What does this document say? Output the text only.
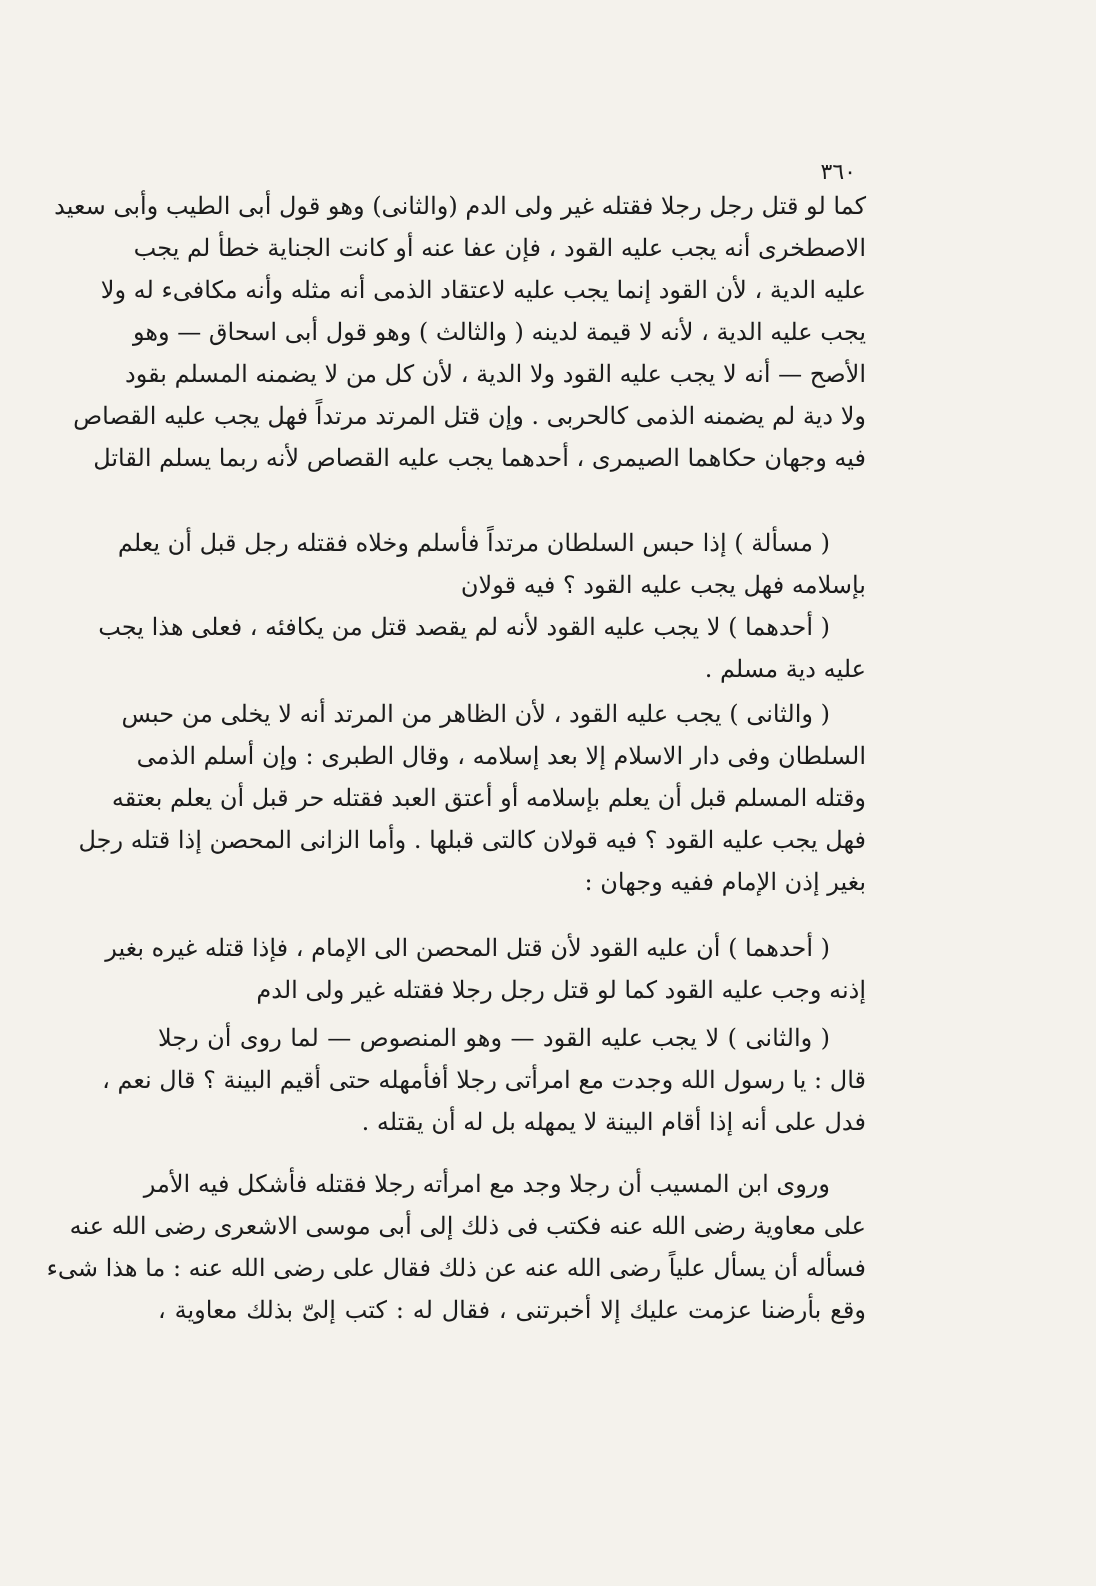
٣٦٠
كما لو قتل رجل رجلا فقتله غير ولى الدم (والثانى) وهو قول أبى الطيب وأبى سعيد
الاصطخرى أنه يجب عليه القود ، فإن عفا عنه أو كانت الجناية خطأ لم يجب
عليه الدية ، لأن القود إنما يجب عليه لاعتقاد الذمى أنه مثله وأنه مكافىء له ولا
يجب عليه الدية ، لأنه لا قيمة لدينه ( والثالث ) وهو قول أبى اسحاق — وهو
الأصح — أنه لا يجب عليه القود ولا الدية ، لأن كل من لا يضمنه المسلم بقود
ولا دية لم يضمنه الذمى كالحربى . وإن قتل المرتد مرتداً فهل يجب عليه القصاص
فيه وجهان حكاهما الصيمرى ، أحدهما يجب عليه القصاص لأنه ربما يسلم القاتل
( مسألة ) إذا حبس السلطان مرتداً فأسلم وخلاه فقتله رجل قبل أن يعلم
بإسلامه فهل يجب عليه القود ؟ فيه قولان
( أحدهما ) لا يجب عليه القود لأنه لم يقصد قتل من يكافئه ، فعلى هذا يجب
عليه دية مسلم .
( والثانى ) يجب عليه القود ، لأن الظاهر من المرتد أنه لا يخلى من حبس
السلطان وفى دار الاسلام إلا بعد إسلامه ، وقال الطبرى : وإن أسلم الذمى
وقتله المسلم قبل أن يعلم بإسلامه أو أعتق العبد فقتله حر قبل أن يعلم بعتقه
فهل يجب عليه القود ؟ فيه قولان كالتى قبلها . وأما الزانى المحصن إذا قتله رجل
بغير إذن الإمام ففيه وجهان :
( أحدهما ) أن عليه القود لأن قتل المحصن الى الإمام ، فإذا قتله غيره بغير
إذنه وجب عليه القود كما لو قتل رجل رجلا فقتله غير ولى الدم
( والثانى ) لا يجب عليه القود — وهو المنصوص — لما روى أن رجلا
قال : يا رسول الله وجدت مع امرأتى رجلا أفأمهله حتى أقيم البينة ؟ قال نعم ،
فدل على أنه إذا أقام البينة لا يمهله بل له أن يقتله .
وروى ابن المسيب أن رجلا وجد مع امرأته رجلا فقتله فأشكل فيه الأمر
على معاوية رضى الله عنه فكتب فى ذلك إلى أبى موسى الاشعرى رضى الله عنه
فسأله أن يسأل علياً رضى الله عنه عن ذلك فقال على رضى الله عنه : ما هذا شىء
وقع بأرضنا عزمت عليك إلا أخبرتنى ، فقال له : كتب إلىّ بذلك معاوية ،
